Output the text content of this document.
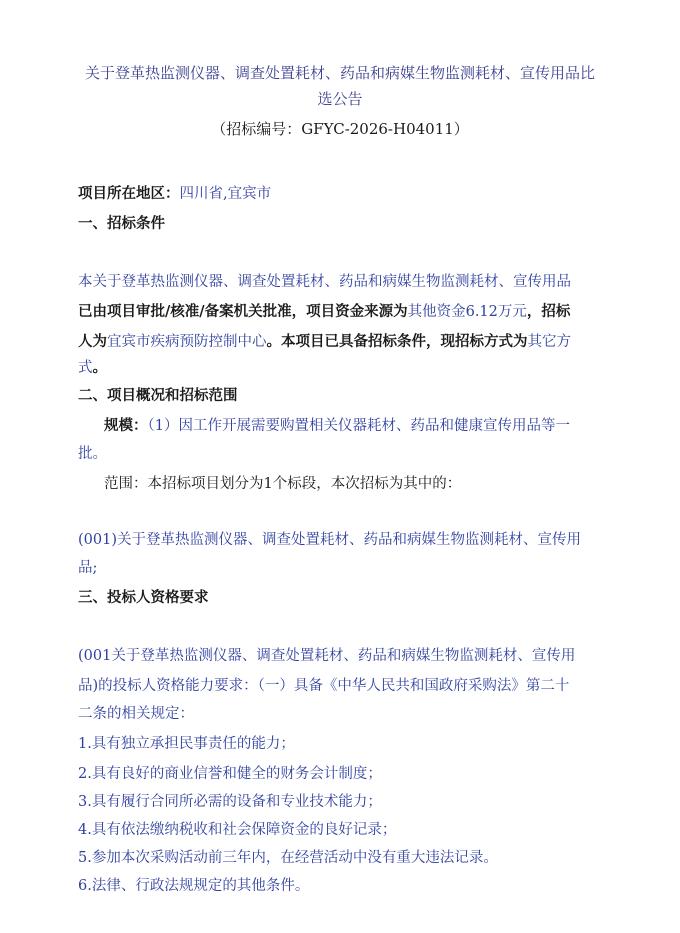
关于登革热监测仪器、调查处置耗材、药品和病媒生物监测耗材、宣传用品比
选公告
（招标编号：GFYC-2026-H04011）
项目所在地区：四川省,宜宾市
一、招标条件
本关于登革热监测仪器、调查处置耗材、药品和病媒生物监测耗材、宣传用品
已由项目审批/核准/备案机关批准，项目资金来源为其他资金6.12万元，招标
人为宜宾市疾病预防控制中心。本项目已具备招标条件，现招标方式为其它方
式。
二、项目概况和招标范围
规模：（1）因工作开展需要购置相关仪器耗材、药品和健康宣传用品等一
批。
范围：本招标项目划分为1个标段，本次招标为其中的：
(001)关于登革热监测仪器、调查处置耗材、药品和病媒生物监测耗材、宣传用
品;
三、投标人资格要求
(001关于登革热监测仪器、调查处置耗材、药品和病媒生物监测耗材、宣传用
品)的投标人资格能力要求：（一）具备《中华人民共和国政府采购法》第二十
二条的相关规定：
1.具有独立承担民事责任的能力；
2.具有良好的商业信誉和健全的财务会计制度；
3.具有履行合同所必需的设备和专业技术能力；
4.具有依法缴纳税收和社会保障资金的良好记录；
5.参加本次采购活动前三年内，在经营活动中没有重大违法记录。
6.法律、行政法规规定的其他条件。
